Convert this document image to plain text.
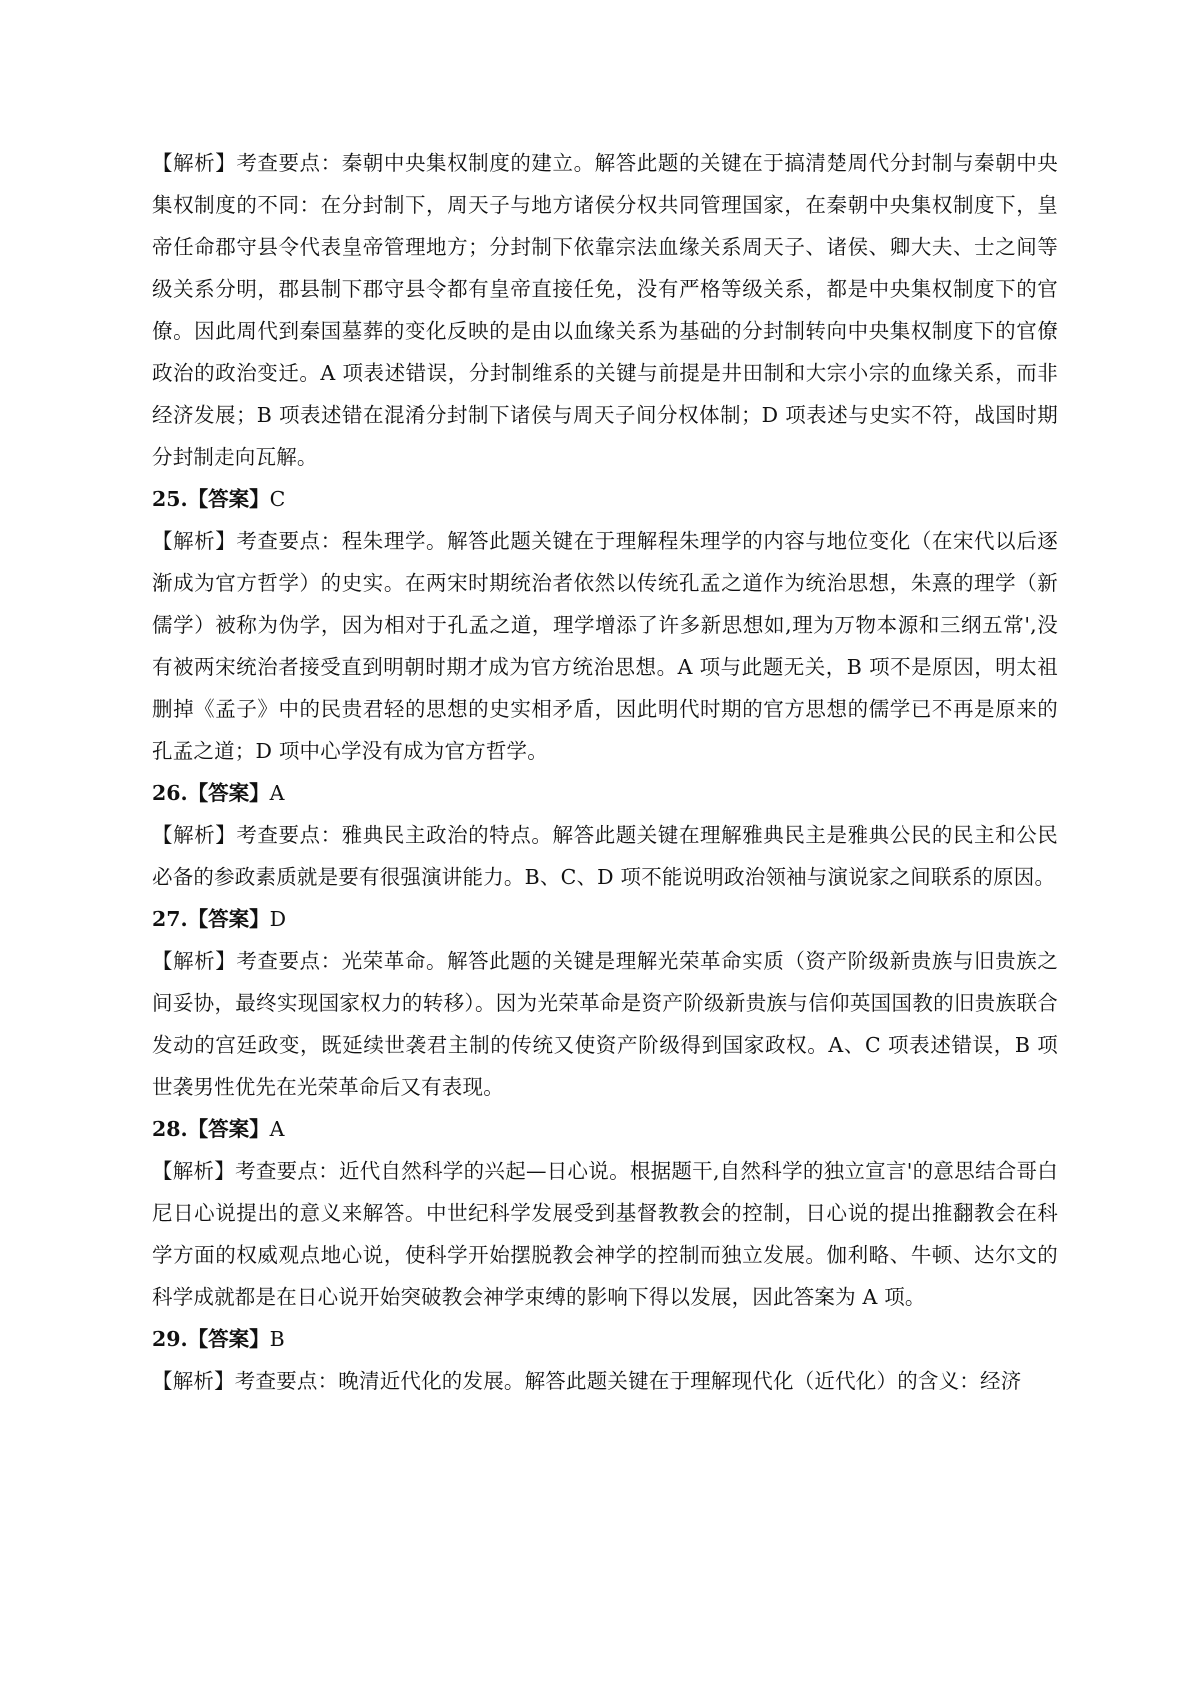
【解析】考查要点：秦朝中央集权制度的建立。解答此题的关键在于搞清楚周代分封制与秦朝中央集权制度的不同：在分封制下，周天子与地方诸侯分权共同管理国家，在秦朝中央集权制度下，皇帝任命郡守县令代表皇帝管理地方；分封制下依靠宗法血缘关系周天子、诸侯、卿大夫、士之间等级关系分明，郡县制下郡守县令都有皇帝直接任免，没有严格等级关系，都是中央集权制度下的官僚。因此周代到秦国墓葬的变化反映的是由以血缘关系为基础的分封制转向中央集权制度下的官僚政治的政治变迁。A 项表述错误，分封制维系的关键与前提是井田制和大宗小宗的血缘关系，而非经济发展；B 项表述错在混淆分封制下诸侯与周天子间分权体制；D 项表述与史实不符，战国时期分封制走向瓦解。

25.【答案】C

【解析】考查要点：程朱理学。解答此题关键在于理解程朱理学的内容与地位变化（在宋代以后逐渐成为官方哲学）的史实。在两宋时期统治者依然以传统孔孟之道作为统治思想，朱熹的理学（新儒学）被称为伪学，因为相对于孔孟之道，理学增添了许多新思想如,理为万物本源和三纲五常',没有被两宋统治者接受直到明朝时期才成为官方统治思想。A 项与此题无关，B 项不是原因，明太祖删掉《孟子》中的民贵君轻的思想的史实相矛盾，因此明代时期的官方思想的儒学已不再是原来的孔孟之道；D 项中心学没有成为官方哲学。

26.【答案】A

【解析】考查要点：雅典民主政治的特点。解答此题关键在理解雅典民主是雅典公民的民主和公民必备的参政素质就是要有很强演讲能力。B、C、D 项不能说明政治领袖与演说家之间联系的原因。

27.【答案】D

【解析】考查要点：光荣革命。解答此题的关键是理解光荣革命实质（资产阶级新贵族与旧贵族之间妥协，最终实现国家权力的转移）。因为光荣革命是资产阶级新贵族与信仰英国国教的旧贵族联合发动的宫廷政变，既延续世袭君主制的传统又使资产阶级得到国家政权。A、C 项表述错误，B 项世袭男性优先在光荣革命后又有表现。

28.【答案】A

【解析】考查要点：近代自然科学的兴起—日心说。根据题干,自然科学的独立宣言'的意思结合哥白尼日心说提出的意义来解答。中世纪科学发展受到基督教教会的控制，日心说的提出推翻教会在科学方面的权威观点地心说，使科学开始摆脱教会神学的控制而独立发展。伽利略、牛顿、达尔文的科学成就都是在日心说开始突破教会神学束缚的影响下得以发展，因此答案为 A 项。

29.【答案】B

【解析】考查要点：晚清近代化的发展。解答此题关键在于理解现代化（近代化）的含义：经济
